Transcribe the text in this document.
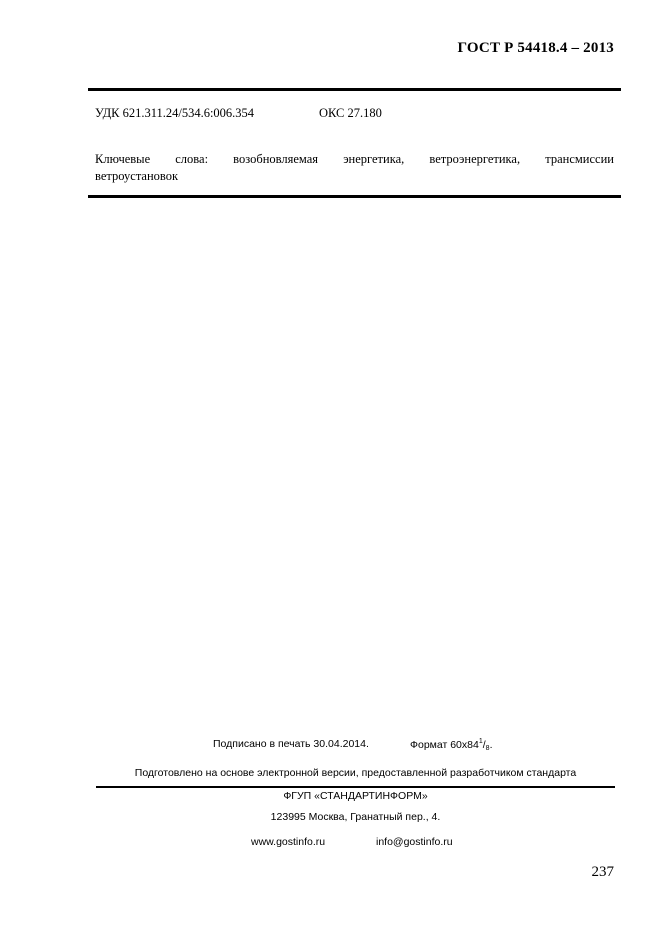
ГОСТ Р 54418.4 – 2013
УДК 621.311.24/534.6:006.354	ОКС 27.180
Ключевые слова: возобновляемая энергетика, ветроэнергетика, трансмиссии
ветроустановок
Подписано в печать 30.04.2014.	Формат $60x84^1/8$.
Подготовлено на основе электронной версии, предоставленной разработчиком стандарта
ФГУП «СТАНДАРТИНФОРМ»
123995 Москва, Гранатный пер., 4.
www.gostinfo.ru	info@gostinfo.ru
237
